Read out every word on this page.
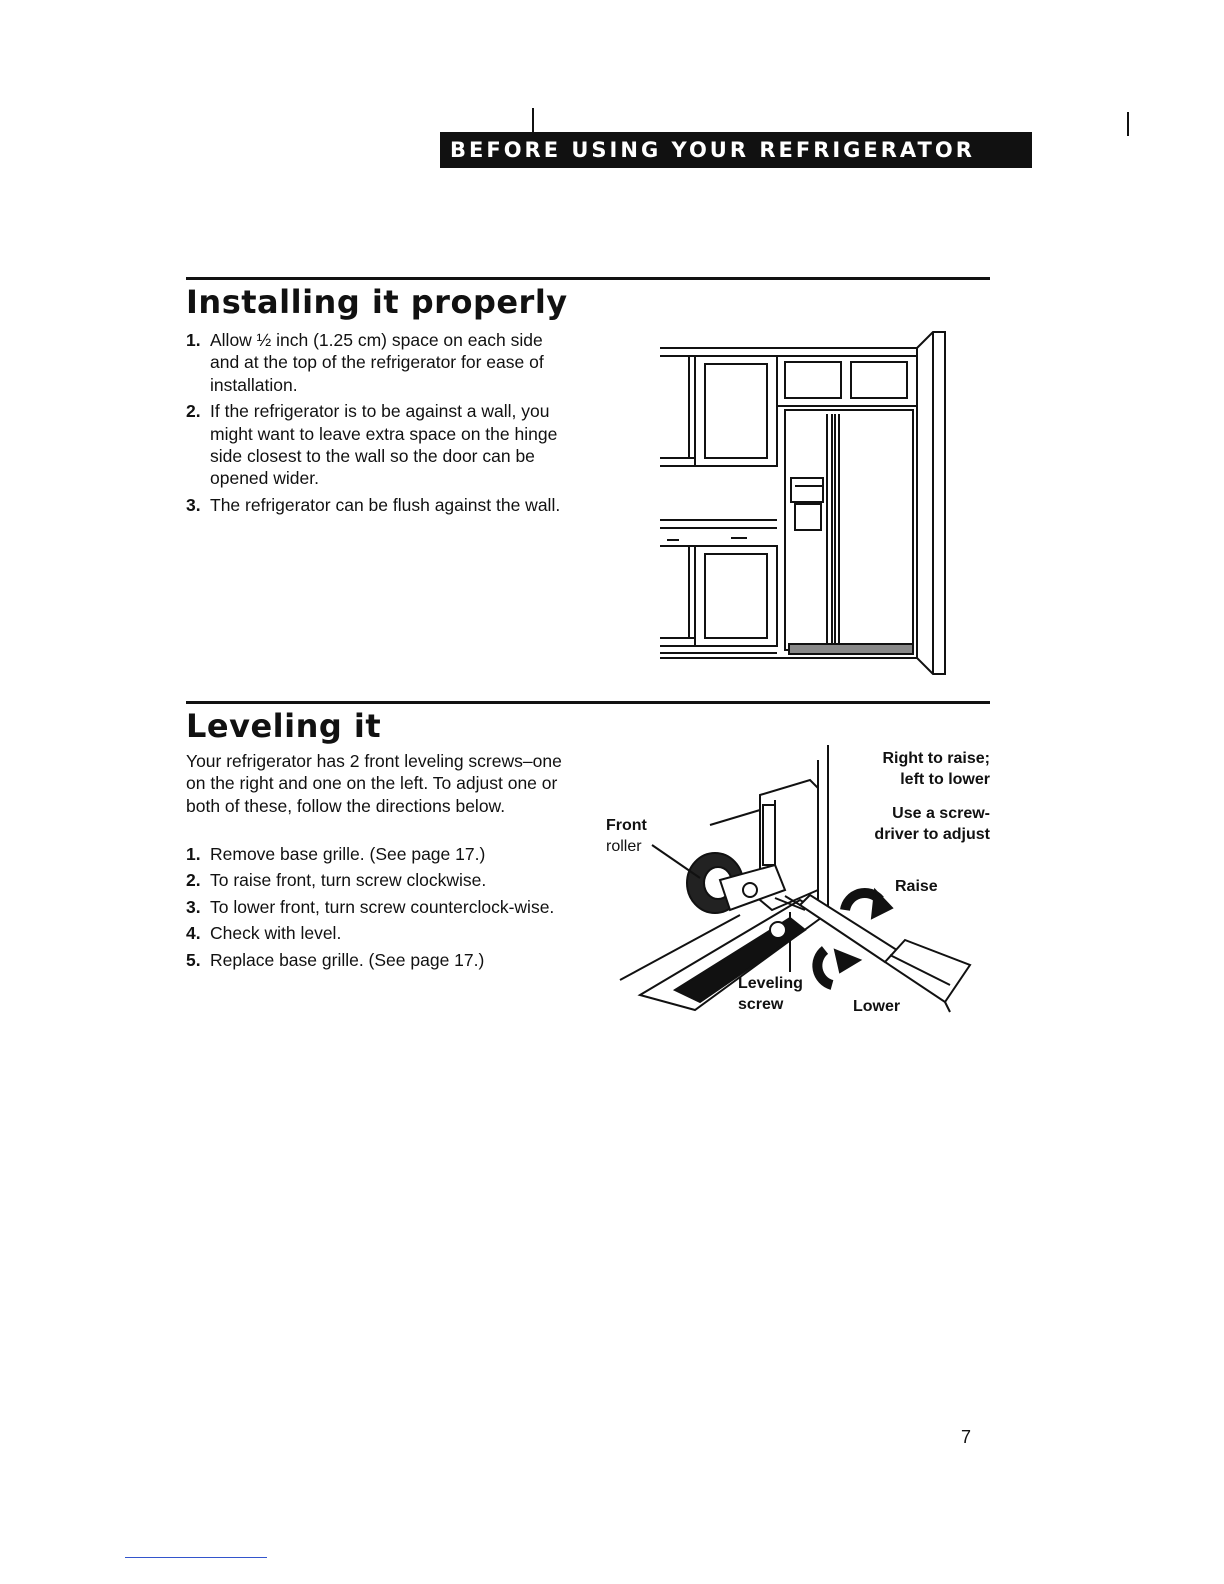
BEFORE USING YOUR REFRIGERATOR
Installing it properly
1. Allow ½ inch (1.25 cm) space on each side and at the top of the refrigerator for ease of installation.
2. If the refrigerator is to be against a wall, you might want to leave extra space on the hinge side closest to the wall so the door can be opened wider.
3. The refrigerator can be flush against the wall.
Leveling it
Your refrigerator has 2 front leveling screws–one on the right and one on the left. To adjust one or both of these, follow the directions below.
1. Remove base grille. (See page 17.)
2. To raise front, turn screw clockwise.
3. To lower front, turn screw counterclock-wise.
4. Check with level.
5. Replace base grille. (See page 17.)
Front
roller
Right to raise;
left to lower
Use a screw-
driver to adjust
Raise
Leveling
screw	Lower
7
